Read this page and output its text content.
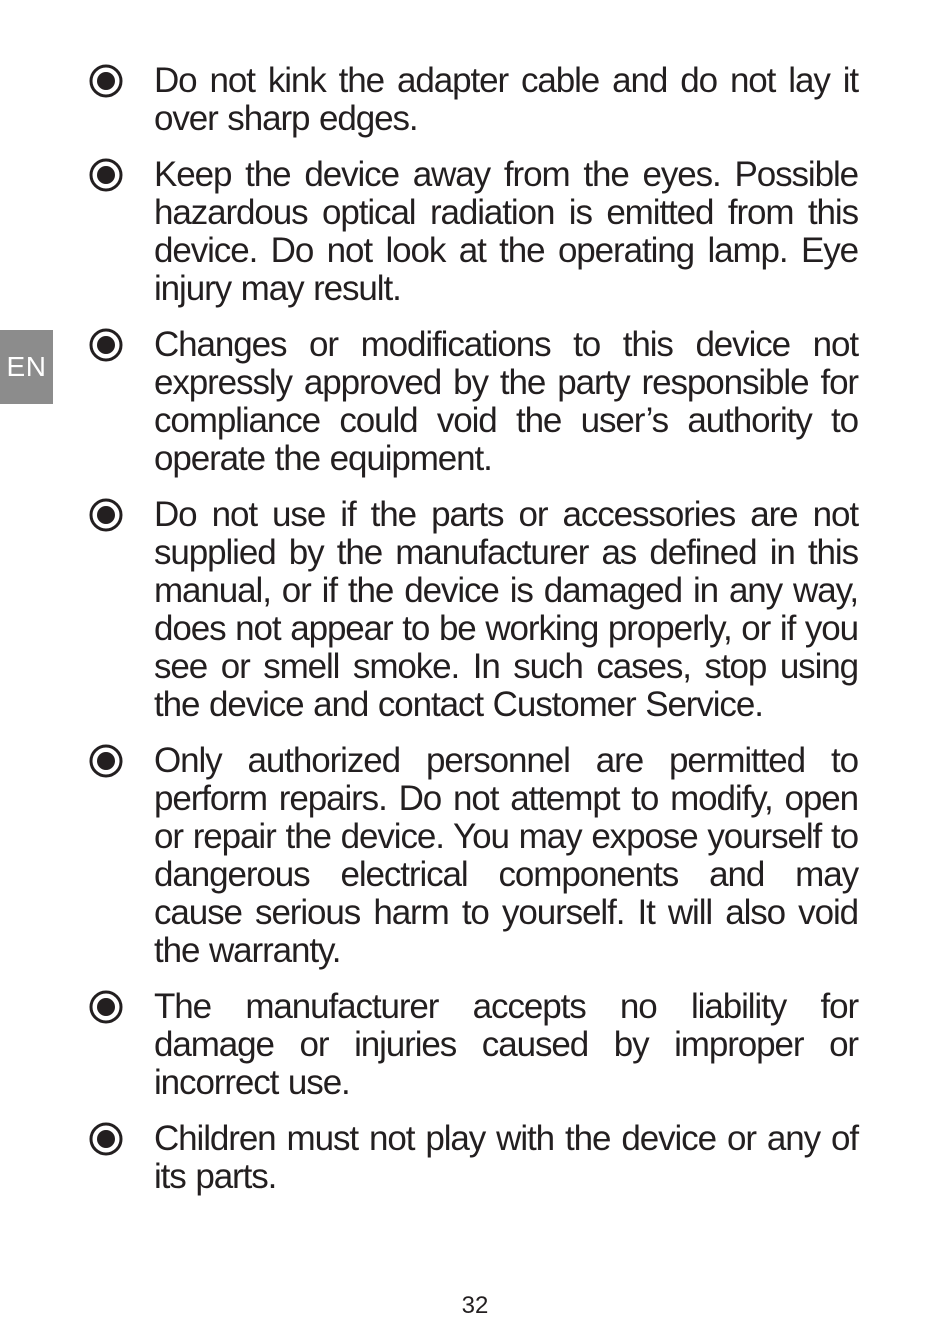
EN
Do not kink the adapter cable and do not lay it over sharp edges.
Keep the device away from the eyes. Possible hazardous optical radiation is emitted from this device. Do not look at the operating lamp. Eye injury may result.
Changes or modifications to this device not expressly approved by the party responsible for compliance could void the user’s authority to operate the equipment.
Do not use if the parts or accessories are not supplied by the manufacturer as defined in this manual, or if the device is damaged in any way, does not appear to be working properly, or if you see or smell smoke. In such cases, stop using the device and contact Customer Service.
Only authorized personnel are permitted to perform repairs. Do not attempt to modify, open or repair the device. You may expose yourself to dangerous electrical components and may cause serious harm to yourself. It will also void the warranty.
The manufacturer accepts no liability for damage or injuries caused by improper or incorrect use.
Children must not play with the device or any of its parts.
32
